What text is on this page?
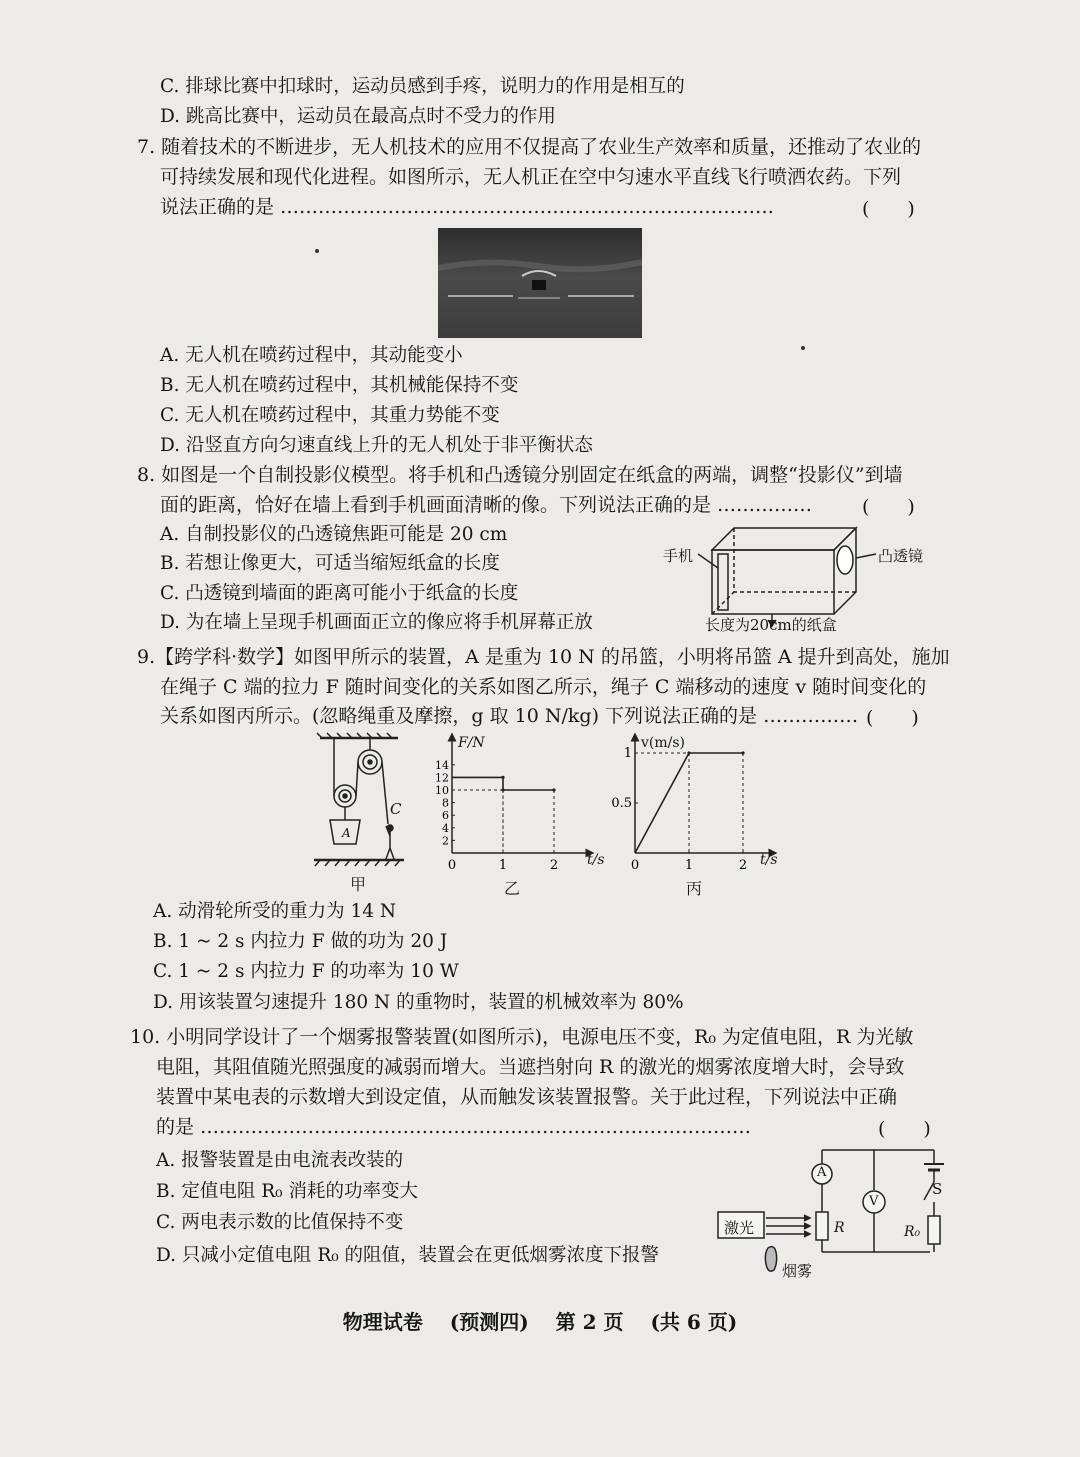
C. 排球比赛中扣球时，运动员感到手疼，说明力的作用是相互的
D. 跳高比赛中，运动员在最高点时不受力的作用
7. 随着技术的不断进步，无人机技术的应用不仅提高了农业生产效率和质量，还推动了农业的
可持续发展和现代化进程。如图所示，无人机正在空中匀速水平直线飞行喷洒农药。下列
说法正确的是 ……………………………………………………………………	(　　)
A. 无人机在喷药过程中，其动能变小
B. 无人机在喷药过程中，其机械能保持不变
C. 无人机在喷药过程中，其重力势能不变
D. 沿竖直方向匀速直线上升的无人机处于非平衡状态
8. 如图是一个自制投影仪模型。将手机和凸透镜分别固定在纸盒的两端，调整“投影仪”到墙
面的距离，恰好在墙上看到手机画面清晰的像。下列说法正确的是 ……………	(　　)
A. 自制投影仪的凸透镜焦距可能是 20 cm
B. 若想让像更大，可适当缩短纸盒的长度
C. 凸透镜到墙面的距离可能小于纸盒的长度
D. 为在墙上呈现手机画面正立的像应将手机屏幕正放
手机	凸透镜
长度为20cm的纸盒
9.【跨学科·数学】如图甲所示的装置，A 是重为 10 N 的吊篮，小明将吊篮 A 提升到高处，施加
在绳子 C 端的拉力 F 随时间变化的关系如图乙所示，绳子 C 端移动的速度 v 随时间变化的
关系如图丙所示。(忽略绳重及摩擦，g 取 10 N/kg) 下列说法正确的是 …………… (　　)
A
C
甲
0	1	2
2
4
6
8
10
12
14
F/N
t/s
乙
0	1	2
0.5
1
v(m/s)
t/s
丙
A. 动滑轮所受的重力为 14 N
B. 1 ~ 2 s 内拉力 F 做的功为 20 J
C. 1 ~ 2 s 内拉力 F 的功率为 10 W
D. 用该装置匀速提升 180 N 的重物时，装置的机械效率为 80%
10. 小明同学设计了一个烟雾报警装置(如图所示)，电源电压不变，R₀ 为定值电阻，R 为光敏
电阻，其阻值随光照强度的减弱而增大。当遮挡射向 R 的激光的烟雾浓度增大时，会导致
装置中某电表的示数增大到设定值，从而触发该装置报警。关于此过程，下列说法中正确
的是 ……………………………………………………………………………	(　　)
A. 报警装置是由电流表改装的
B. 定值电阻 R₀ 消耗的功率变大
C. 两电表示数的比值保持不变
D. 只减小定值电阻 R₀ 的阻值，装置会在更低烟雾浓度下报警
激光
烟雾
A
V
S
R	R₀
物理试卷 (预测四) 第 2 页 (共 6 页)
